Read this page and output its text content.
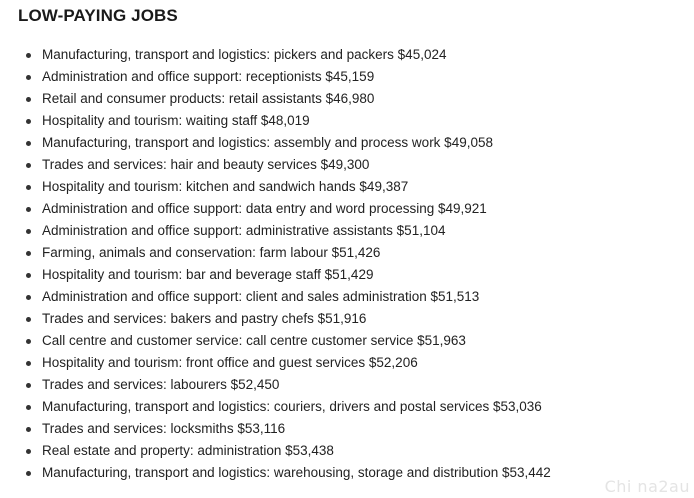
LOW-PAYING JOBS
Manufacturing, transport and logistics: pickers and packers $45,024
Administration and office support: receptionists $45,159
Retail and consumer products: retail assistants $46,980
Hospitality and tourism: waiting staff $48,019
Manufacturing, transport and logistics: assembly and process work $49,058
Trades and services: hair and beauty services $49,300
Hospitality and tourism: kitchen and sandwich hands $49,387
Administration and office support: data entry and word processing $49,921
Administration and office support: administrative assistants $51,104
Farming, animals and conservation: farm labour $51,426
Hospitality and tourism: bar and beverage staff $51,429
Administration and office support: client and sales administration $51,513
Trades and services: bakers and pastry chefs $51,916
Call centre and customer service: call centre customer service $51,963
Hospitality and tourism: front office and guest services $52,206
Trades and services: labourers $52,450
Manufacturing, transport and logistics: couriers, drivers and postal services $53,036
Trades and services: locksmiths $53,116
Real estate and property: administration $53,438
Manufacturing, transport and logistics: warehousing, storage and distribution $53,442
Chi na2au
